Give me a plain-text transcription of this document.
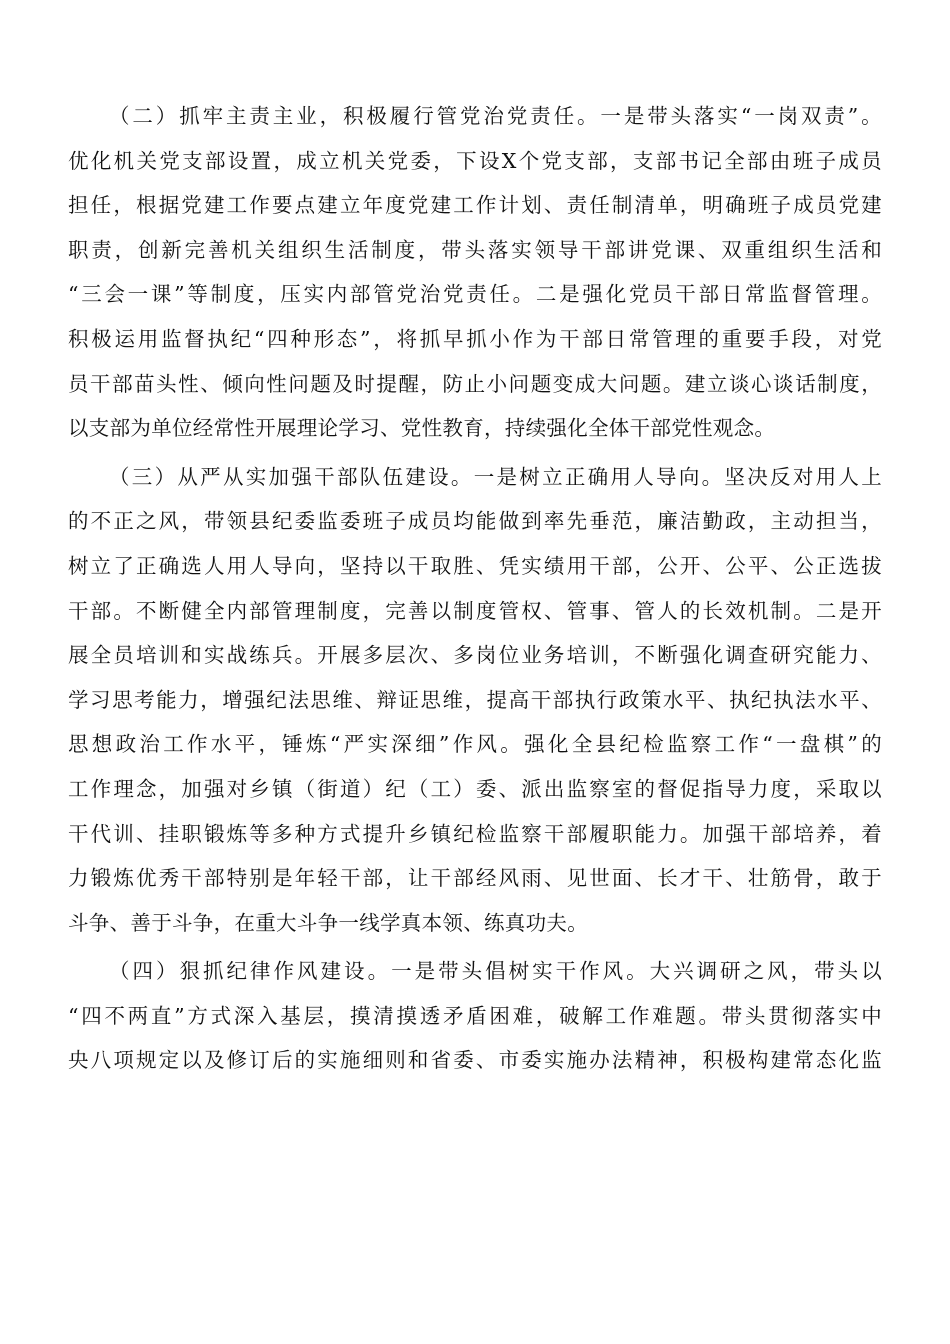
（二）抓牢主责主业，积极履行管党治党责任。一是带头落实“一岗双责”。
优化机关党支部设置，成立机关党委，下设X个党支部，支部书记全部由班子成员
担任，根据党建工作要点建立年度党建工作计划、责任制清单，明确班子成员党建
职责，创新完善机关组织生活制度，带头落实领导干部讲党课、双重组织生活和
“三会一课”等制度，压实内部管党治党责任。二是强化党员干部日常监督管理。
积极运用监督执纪“四种形态”，将抓早抓小作为干部日常管理的重要手段，对党
员干部苗头性、倾向性问题及时提醒，防止小问题变成大问题。建立谈心谈话制度，
以支部为单位经常性开展理论学习、党性教育，持续强化全体干部党性观念。
（三）从严从实加强干部队伍建设。一是树立正确用人导向。坚决反对用人上
的不正之风，带领县纪委监委班子成员均能做到率先垂范，廉洁勤政，主动担当，
树立了正确选人用人导向，坚持以干取胜、凭实绩用干部，公开、公平、公正选拔
干部。不断健全内部管理制度，完善以制度管权、管事、管人的长效机制。二是开
展全员培训和实战练兵。开展多层次、多岗位业务培训，不断强化调查研究能力、
学习思考能力，增强纪法思维、辩证思维，提高干部执行政策水平、执纪执法水平、
思想政治工作水平，锤炼“严实深细”作风。强化全县纪检监察工作“一盘棋”的
工作理念，加强对乡镇（街道）纪（工）委、派出监察室的督促指导力度，采取以
干代训、挂职锻炼等多种方式提升乡镇纪检监察干部履职能力。加强干部培养，着
力锻炼优秀干部特别是年轻干部，让干部经风雨、见世面、长才干、壮筋骨，敢于
斗争、善于斗争，在重大斗争一线学真本领、练真功夫。
（四）狠抓纪律作风建设。一是带头倡树实干作风。大兴调研之风，带头以
“四不两直”方式深入基层，摸清摸透矛盾困难，破解工作难题。带头贯彻落实中
央八项规定以及修订后的实施细则和省委、市委实施办法精神，积极构建常态化监
